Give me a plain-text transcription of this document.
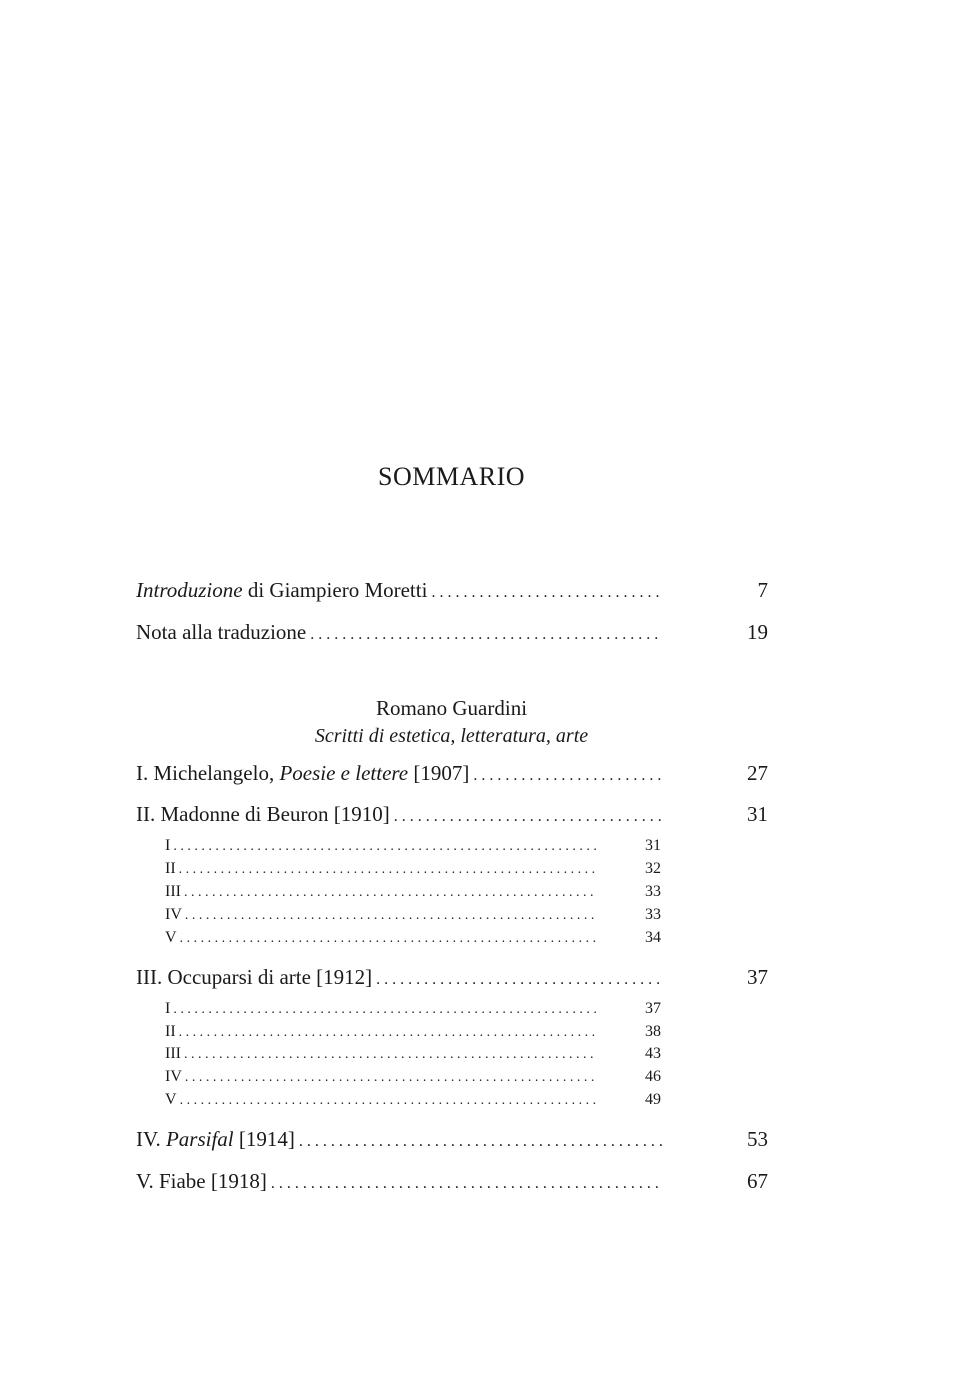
SOMMARIO
Introduzione di Giampiero Moretti . . .	7
Nota alla traduzione . . .	19
Romano Guardini
Scritti di estetica, letteratura, arte
I. Michelangelo, Poesie e lettere [1907] . . .	27
II. Madonne di Beuron [1910] . . .	31
I . . .	31
II . . .	32
III . . .	33
IV . . .	33
V . . .	34
III. Occuparsi di arte [1912] . . .	37
I . . .	37
II . . .	38
III . . .	43
IV . . .	46
V . . .	49
IV. Parsifal [1914] . . .	53
V. Fiabe [1918] . . .	67
